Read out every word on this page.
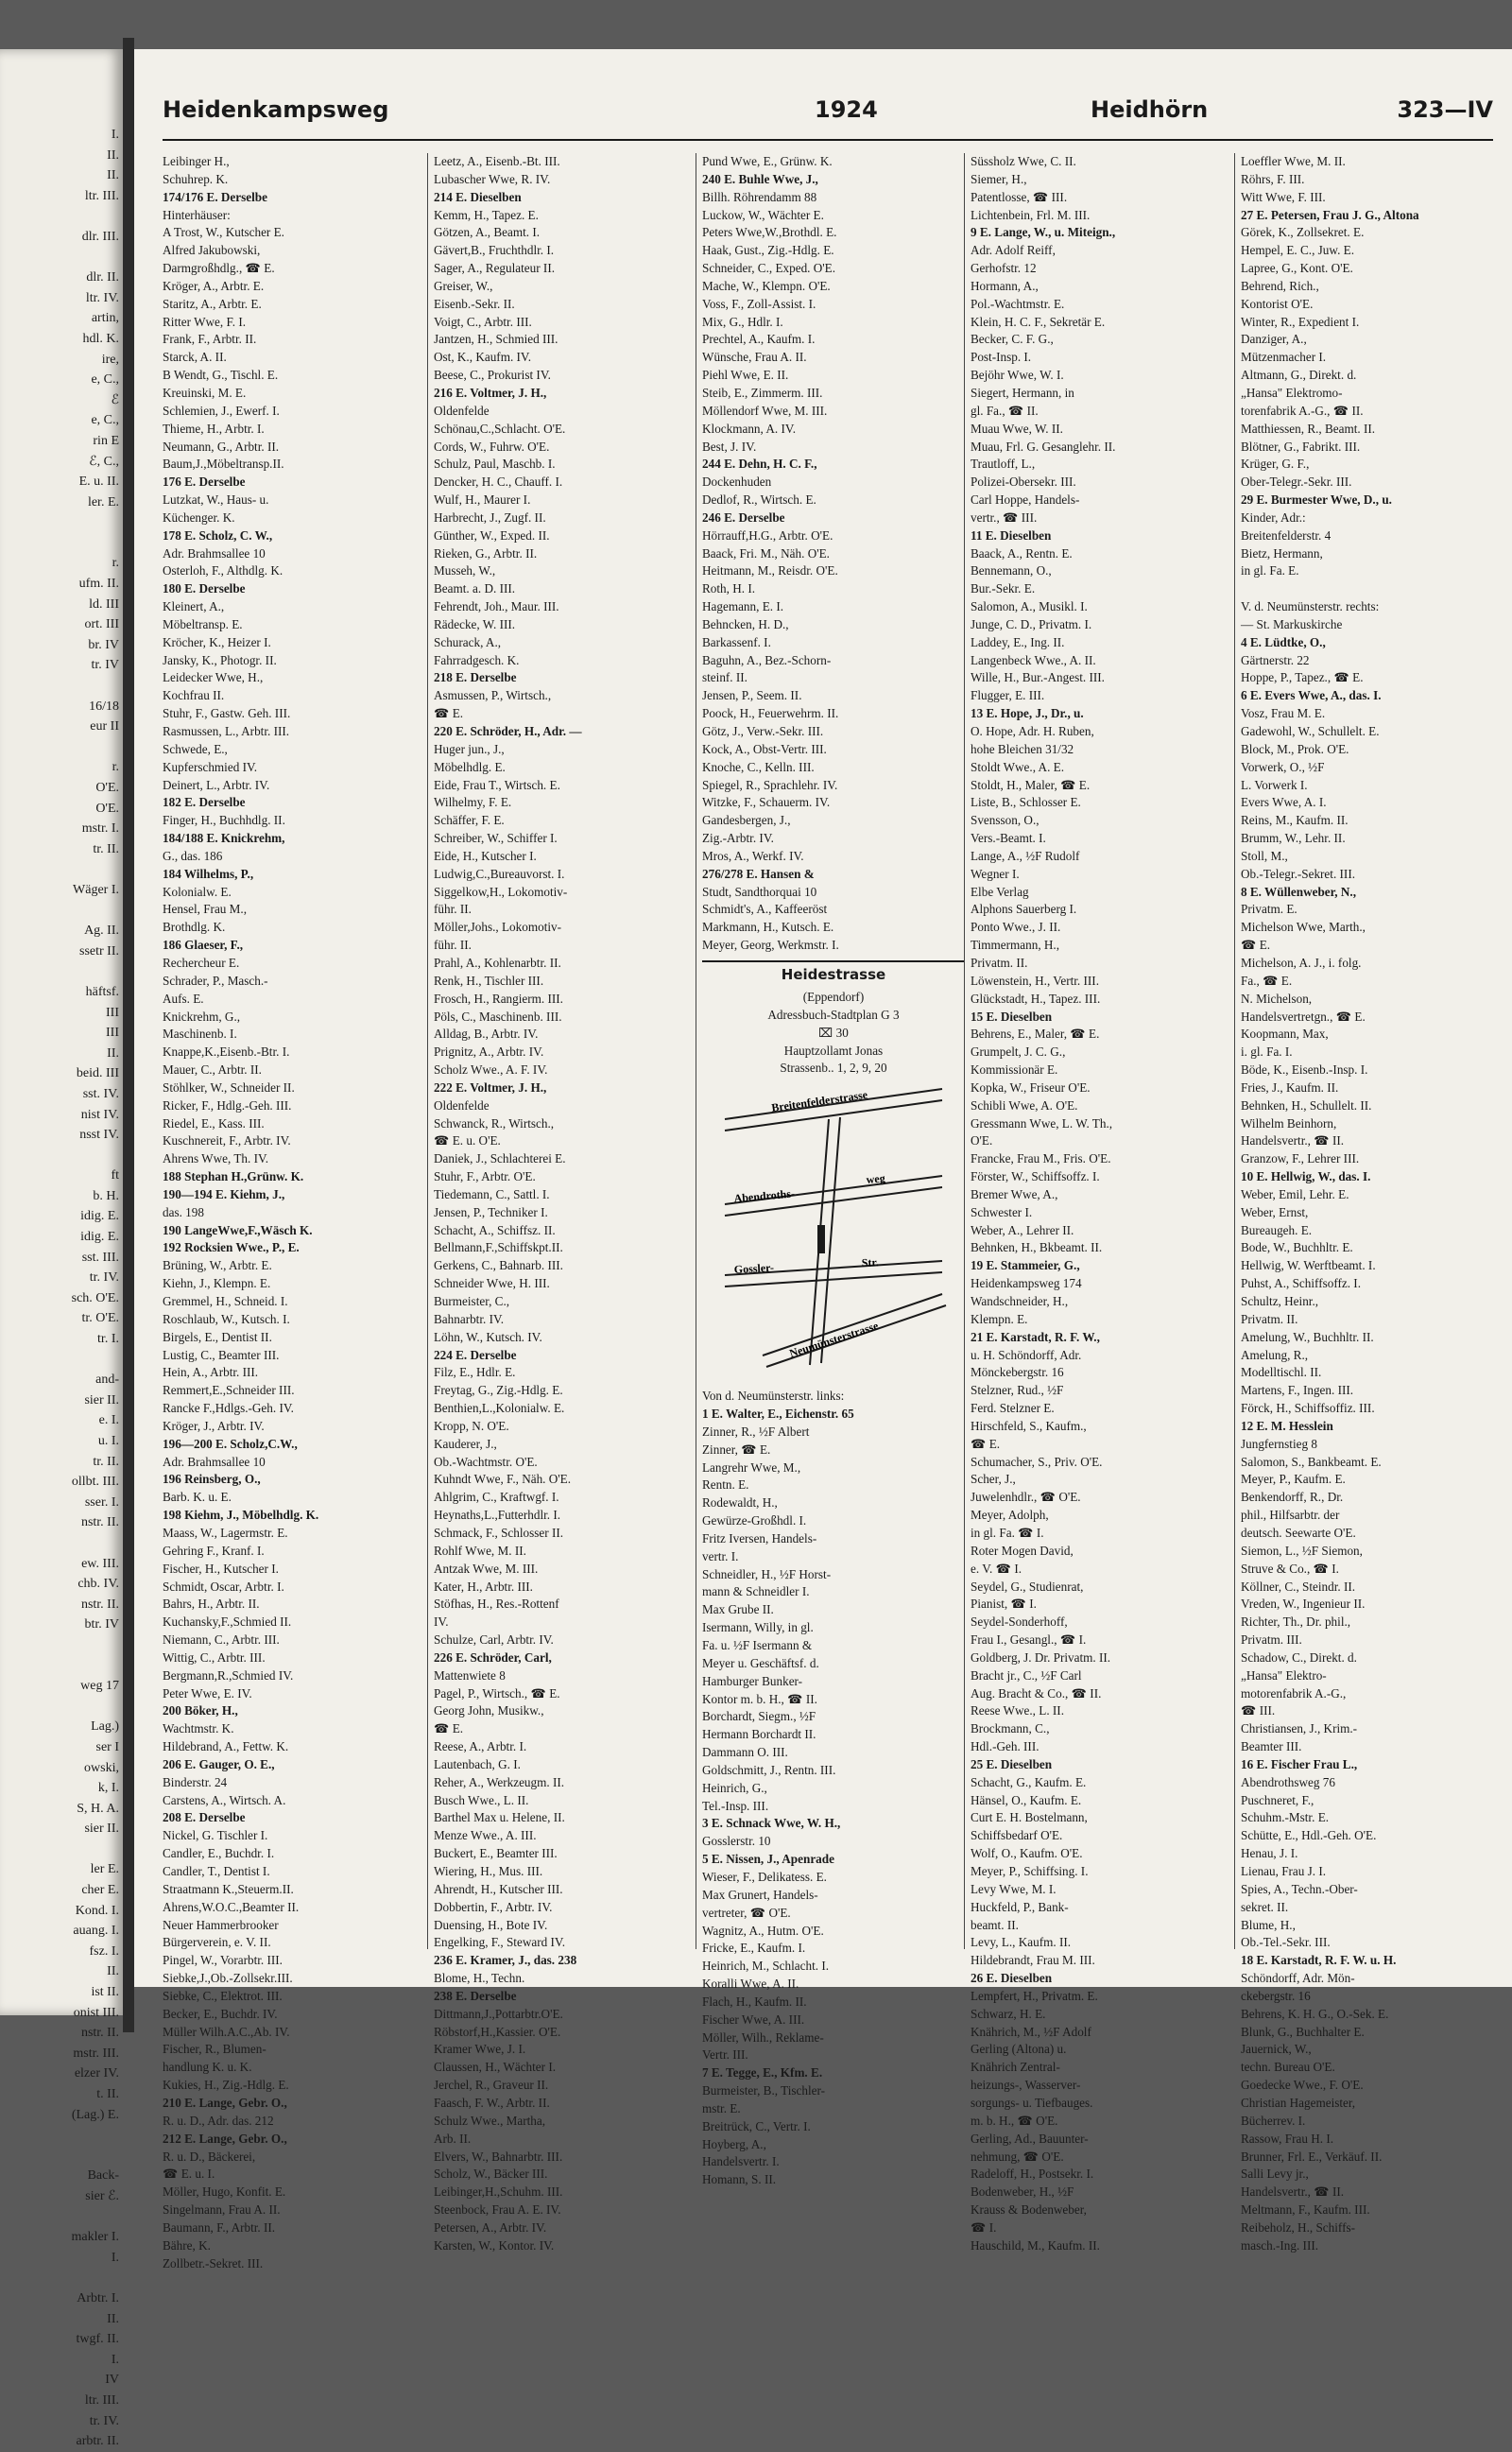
I.
II.
II.
ltr. III.
dlr. III.
dlr. II.
ltr. IV.
artin,
hdl. K.
ire,
e, C.,
ℰ
e, C.,
rin E
ℰ, C.,
E. u. II.
ler. E.
r.
ufm. II.
ld. III
ort. III
br. IV
tr. IV
16/18
eur II
r.
O'E.
O'E.
mstr. I.
tr. II.
Wäger I.
Ag. II.
ssetr II.
häftsf.
III
III
II.
beid. III
sst. IV.
nist IV.
nsst IV.
ft
b. H.
idig. E.
idig. E.
sst. III.
tr. IV.
sch. O'E.
tr. O'E.
tr. I.
and-
sier II.
e. I.
u. I.
tr. II.
ollbt. III.
sser. I.
nstr. II.
ew. III.
chb. IV.
nstr. II.
btr. IV
weg 17
Lag.)
ser I
owski,
k, I.
S, H. A.
sier II.
ler E.
cher E.
Kond. I.
auang. I.
fsz. I.
II.
ist II.
onist III.
nstr. II.
mstr. III.
elzer IV.
t. II.
(Lag.) E.
Back-
sier ℰ.
makler I.
I.
Arbtr. I.
II.
twgf. II.
I.
IV
ltr. III.
tr. IV.
arbtr. II.
Heidenkampsweg	1924	Heidhörn	323—IV
Leibinger H.,
Schuhrep. K.
174/176 E. Derselbe
Hinterhäuser:
A Trost, W., Kutscher E.
Alfred Jakubowski,
Darmgroßhdlg., ☎ E.
Kröger, A., Arbtr. E.
Staritz, A., Arbtr. E.
Ritter Wwe, F. I.
Frank, F., Arbtr. II.
Starck, A. II.
B Wendt, G., Tischl. E.
Kreuinski, M. E.
Schlemien, J., Ewerf. I.
Thieme, H., Arbtr. I.
Neumann, G., Arbtr. II.
Baum,J.,Möbeltransp.II.
176 E. Derselbe
Lutzkat, W., Haus- u.
Küchenger. K.
178 E. Scholz, C. W.,
Adr. Brahmsallee 10
Osterloh, F., Althdlg. K.
180 E. Derselbe
Kleinert, A.,
Möbeltransp. E.
Kröcher, K., Heizer I.
Jansky, K., Photogr. II.
Leidecker Wwe, H.,
Kochfrau II.
Stuhr, F., Gastw. Geh. III.
Rasmussen, L., Arbtr. III.
Schwede, E.,
Kupferschmied IV.
Deinert, L., Arbtr. IV.
182 E. Derselbe
Finger, H., Buchhdlg. II.
184/188 E. Knickrehm,
G., das. 186
184 Wilhelms, P.,
Kolonialw. E.
Hensel, Frau M.,
Brothdlg. K.
186 Glaeser, F.,
Rechercheur E.
Schrader, P., Masch.-
Aufs. E.
Knickrehm, G.,
Maschinenb. I.
Knappe,K.,Eisenb.-Btr. I.
Mauer, C., Arbtr. II.
Stöhlker, W., Schneider II.
Ricker, F., Hdlg.-Geh. III.
Riedel, E., Kass. III.
Kuschnereit, F., Arbtr. IV.
Ahrens Wwe, Th. IV.
188 Stephan H.,Grünw. K.
190—194 E. Kiehm, J.,
das. 198
190 LangeWwe,F.,Wäsch K.
192 Rocksien Wwe., P., E.
Brüning, W., Arbtr. E.
Kiehn, J., Klempn. E.
Gremmel, H., Schneid. I.
Roschlaub, W., Kutsch. I.
Birgels, E., Dentist II.
Lustig, C., Beamter III.
Hein, A., Arbtr. III.
Remmert,E.,Schneider III.
Rancke F.,Hdlgs.-Geh. IV.
Kröger, J., Arbtr. IV.
196—200 E. Scholz,C.W.,
Adr. Brahmsallee 10
196 Reinsberg, O.,
Barb. K. u. E.
198 Kiehm, J., Möbelhdlg. K.
Maass, W., Lagermstr. E.
Gehring F., Kranf. I.
Fischer, H., Kutscher I.
Schmidt, Oscar, Arbtr. I.
Bahrs, H., Arbtr. II.
Kuchansky,F.,Schmied II.
Niemann, C., Arbtr. III.
Wittig, C., Arbtr. III.
Bergmann,R.,Schmied IV.
Peter Wwe, E. IV.
200 Böker, H.,
Wachtmstr. K.
Hildebrand, A., Fettw. K.
206 E. Gauger, O. E.,
Binderstr. 24
Carstens, A., Wirtsch. A.
208 E. Derselbe
Nickel, G. Tischler I.
Candler, E., Buchdr. I.
Candler, T., Dentist I.
Straatmann K.,Steuerm.II.
Ahrens,W.O.C.,Beamter II.
Neuer Hammerbrooker
Bürgerverein, e. V. II.
Pingel, W., Vorarbtr. III.
Siebke,J.,Ob.-Zollsekr.III.
Siebke, C., Elektrot. III.
Becker, E., Buchdr. IV.
Müller Wilh.A.C.,Ab. IV.
Fischer, R., Blumen-
handlung K. u. K.
Kukies, H., Zig.-Hdlg. E.
210 E. Lange, Gebr. O.,
R. u. D., Adr. das. 212
212 E. Lange, Gebr. O.,
R. u. D., Bäckerei,
☎ E. u. I.
Möller, Hugo, Konfit. E.
Singelmann, Frau A. II.
Baumann, F., Arbtr. II.
Bähre, K.
Zollbetr.-Sekret. III.
Leetz, A., Eisenb.-Bt. III.
Lubascher Wwe, R. IV.
214 E. Dieselben
Kemm, H., Tapez. E.
Götzen, A., Beamt. I.
Gävert,B., Fruchthdlr. I.
Sager, A., Regulateur II.
Greiser, W.,
Eisenb.-Sekr. II.
Voigt, C., Arbtr. III.
Jantzen, H., Schmied III.
Ost, K., Kaufm. IV.
Beese, C., Prokurist IV.
216 E. Voltmer, J. H.,
Oldenfelde
Schönau,C.,Schlacht. O'E.
Cords, W., Fuhrw. O'E.
Schulz, Paul, Maschb. I.
Dencker, H. C., Chauff. I.
Wulf, H., Maurer I.
Harbrecht, J., Zugf. II.
Günther, W., Exped. II.
Rieken, G., Arbtr. II.
Musseh, W.,
Beamt. a. D. III.
Fehrendt, Joh., Maur. III.
Rädecke, W. III.
Schurack, A.,
Fahrradgesch. K.
218 E. Derselbe
Asmussen, P., Wirtsch.,
☎ E.
220 E. Schröder, H., Adr. —
Huger jun., J.,
Möbelhdlg. E.
Eide, Frau T., Wirtsch. E.
Wilhelmy, F. E.
Schäffer, F. E.
Schreiber, W., Schiffer I.
Eide, H., Kutscher I.
Ludwig,C.,Bureauvorst. I.
Siggelkow,H., Lokomotiv-
führ. II.
Möller,Johs., Lokomotiv-
führ. II.
Prahl, A., Kohlenarbtr. II.
Renk, H., Tischler III.
Frosch, H., Rangierm. III.
Pöls, C., Maschinenb. III.
Alldag, B., Arbtr. IV.
Prignitz, A., Arbtr. IV.
Scholz Wwe., A. F. IV.
222 E. Voltmer, J. H.,
Oldenfelde
Schwanck, R., Wirtsch.,
☎ E. u. O'E.
Daniek, J., Schlachterei E.
Stuhr, F., Arbtr. O'E.
Tiedemann, C., Sattl. I.
Jensen, P., Techniker I.
Schacht, A., Schiffsz. II.
Bellmann,F.,Schiffskpt.II.
Gerkens, C., Bahnarb. III.
Schneider Wwe, H. III.
Burmeister, C.,
Bahnarbtr. IV.
Löhn, W., Kutsch. IV.
224 E. Derselbe
Filz, E., Hdlr. E.
Freytag, G., Zig.-Hdlg. E.
Benthien,L.,Kolonialw. E.
Kropp, N. O'E.
Kauderer, J.,
Ob.-Wachtmstr. O'E.
Kuhndt Wwe, F., Näh. O'E.
Ahlgrim, C., Kraftwgf. I.
Heynaths,L.,Futterhdlr. I.
Schmack, F., Schlosser II.
Rohlf Wwe, M. II.
Antzak Wwe, M. III.
Kater, H., Arbtr. III.
Stöfhas, H., Res.-Rottenf
IV.
Schulze, Carl, Arbtr. IV.
226 E. Schröder, Carl,
Mattenwiete 8
Pagel, P., Wirtsch., ☎ E.
Georg John, Musikw.,
☎ E.
Reese, A., Arbtr. I.
Lautenbach, G. I.
Reher, A., Werkzeugm. II.
Busch Wwe., L. II.
Barthel Max u. Helene, II.
Menze Wwe., A. III.
Buckert, E., Beamter III.
Wiering, H., Mus. III.
Ahrendt, H., Kutscher III.
Dobbertin, F., Arbtr. IV.
Duensing, H., Bote IV.
Engelking, F., Steward IV.
236 E. Kramer, J., das. 238
Blome, H., Techn.
238 E. Derselbe
Dittmann,J.,Pottarbtr.O'E.
Röbstorf,H.,Kassier. O'E.
Kramer Wwe, J. I.
Claussen, H., Wächter I.
Jerchel, R., Graveur II.
Faasch, F. W., Arbtr. II.
Schulz Wwe., Martha,
Arb. II.
Elvers, W., Bahnarbtr. III.
Scholz, W., Bäcker III.
Leibinger,H.,Schuhm. III.
Steenbock, Frau A. E. IV.
Petersen, A., Arbtr. IV.
Karsten, W., Kontor. IV.
Pund Wwe, E., Grünw. K.
240 E. Buhle Wwe, J.,
Billh. Röhrendamm 88
Luckow, W., Wächter E.
Peters Wwe,W.,Brothdl. E.
Haak, Gust., Zig.-Hdlg. E.
Schneider, C., Exped. O'E.
Mache, W., Klempn. O'E.
Voss, F., Zoll-Assist. I.
Mix, G., Hdlr. I.
Prechtel, A., Kaufm. I.
Wünsche, Frau A. II.
Piehl Wwe, E. II.
Steib, E., Zimmerm. III.
Möllendorf Wwe, M. III.
Klockmann, A. IV.
Best, J. IV.
244 E. Dehn, H. C. F.,
Dockenhuden
Dedlof, R., Wirtsch. E.
246 E. Derselbe
Hörrauff,H.G., Arbtr. O'E.
Baack, Fri. M., Näh. O'E.
Heitmann, M., Reisdr. O'E.
Roth, H. I.
Hagemann, E. I.
Behncken, H. D.,
Barkassenf. I.
Baguhn, A., Bez.-Schorn-
steinf. II.
Jensen, P., Seem. II.
Poock, H., Feuerwehrm. II.
Götz, J., Verw.-Sekr. III.
Kock, A., Obst-Vertr. III.
Knoche, C., Kelln. III.
Spiegel, R., Sprachlehr. IV.
Witzke, F., Schauerm. IV.
Gandesbergen, J.,
Zig.-Arbtr. IV.
Mros, A., Werkf. IV.
276/278 E. Hansen &
Studt, Sandthorquai 10
Schmidt's, A., Kaffeeröst
Markmann, H., Kutsch. E.
Meyer, Georg, Werkmstr. I.
Heidestrasse
(Eppendorf)
Adressbuch-Stadtplan G 3
⌧ 30
Hauptzollamt Jonas
Strassenb.. 1, 2, 9, 20
Breitenfelderstrasse
Abendroths-
weg
Gossler-	Str.
Neumünsterstrasse
Von d. Neumünsterstr. links:
1 E. Walter, E., Eichenstr. 65
Zinner, R., ½F Albert
Zinner, ☎ E.
Langrehr Wwe, M.,
Rentn. E.
Rodewaldt, H.,
Gewürze-Großhdl. I.
Fritz Iversen, Handels-
vertr. I.
Schneidler, H., ½F Horst-
mann & Schneidler I.
Max Grube II.
Isermann, Willy, in gl.
Fa. u. ½F Isermann &
Meyer u. Geschäftsf. d.
Hamburger Bunker-
Kontor m. b. H., ☎ II.
Borchardt, Siegm., ½F
Hermann Borchardt II.
Dammann O. III.
Goldschmitt, J., Rentn. III.
Heinrich, G.,
Tel.-Insp. III.
3 E. Schnack Wwe, W. H.,
Gosslerstr. 10
5 E. Nissen, J., Apenrade
Wieser, F., Delikatess. E.
Max Grunert, Handels-
vertreter, ☎ O'E.
Wagnitz, A., Hutm. O'E.
Fricke, E., Kaufm. I.
Heinrich, M., Schlacht. I.
Koralli Wwe, A. II.
Flach, H., Kaufm. II.
Fischer Wwe, A. III.
Möller, Wilh., Reklame-
Vertr. III.
7 E. Tegge, E., Kfm. E.
Burmeister, B., Tischler-
mstr. E.
Breitrück, C., Vertr. I.
Hoyberg, A.,
Handelsvertr. I.
Homann, S. II.
Süssholz Wwe, C. II.
Siemer, H.,
Patentlosse, ☎ III.
Lichtenbein, Frl. M. III.
9 E. Lange, W., u. Miteign.,
Adr. Adolf Reiff,
Gerhofstr. 12
Hormann, A.,
Pol.-Wachtmstr. E.
Klein, H. C. F., Sekretär E.
Becker, C. F. G.,
Post-Insp. I.
Bejöhr Wwe, W. I.
Siegert, Hermann, in
gl. Fa., ☎ II.
Muau Wwe, W. II.
Muau, Frl. G. Gesanglehr. II.
Trautloff, L.,
Polizei-Obersekr. III.
Carl Hoppe, Handels-
vertr., ☎ III.
11 E. Dieselben
Baack, A., Rentn. E.
Bennemann, O.,
Bur.-Sekr. E.
Salomon, A., Musikl. I.
Junge, C. D., Privatm. I.
Laddey, E., Ing. II.
Langenbeck Wwe., A. II.
Wille, H., Bur.-Angest. III.
Flugger, E. III.
13 E. Hope, J., Dr., u.
O. Hope, Adr. H. Ruben,
hohe Bleichen 31/32
Stoldt Wwe., A. E.
Stoldt, H., Maler, ☎ E.
Liste, B., Schlosser E.
Svensson, O.,
Vers.-Beamt. I.
Lange, A., ½F Rudolf
Wegner I.
Elbe Verlag
Alphons Sauerberg I.
Ponto Wwe., J. II.
Timmermann, H.,
Privatm. II.
Löwenstein, H., Vertr. III.
Glückstadt, H., Tapez. III.
15 E. Dieselben
Behrens, E., Maler, ☎ E.
Grumpelt, J. C. G.,
Kommissionär E.
Kopka, W., Friseur O'E.
Schibli Wwe, A. O'E.
Gressmann Wwe, L. W. Th.,
O'E.
Francke, Frau M., Fris. O'E.
Förster, W., Schiffsoffz. I.
Bremer Wwe, A.,
Schwester I.
Weber, A., Lehrer II.
Behnken, H., Bkbeamt. II.
19 E. Stammeier, G.,
Heidenkampsweg 174
Wandschneider, H.,
Klempn. E.
21 E. Karstadt, R. F. W.,
u. H. Schöndorff, Adr.
Mönckebergstr. 16
Stelzner, Rud., ½F
Ferd. Stelzner E.
Hirschfeld, S., Kaufm.,
☎ E.
Schumacher, S., Priv. O'E.
Scher, J.,
Juwelenhdlr., ☎ O'E.
Meyer, Adolph,
in gl. Fa. ☎ I.
Roter Mogen David,
e. V. ☎ I.
Seydel, G., Studienrat,
Pianist, ☎ I.
Seydel-Sonderhoff,
Frau I., Gesangl., ☎ I.
Goldberg, J. Dr. Privatm. II.
Bracht jr., C., ½F Carl
Aug. Bracht & Co., ☎ II.
Reese Wwe., L. II.
Brockmann, C.,
Hdl.-Geh. III.
25 E. Dieselben
Schacht, G., Kaufm. E.
Hänsel, O., Kaufm. E.
Curt E. H. Bostelmann,
Schiffsbedarf O'E.
Wolf, O., Kaufm. O'E.
Meyer, P., Schiffsing. I.
Levy Wwe, M. I.
Huckfeld, P., Bank-
beamt. II.
Levy, L., Kaufm. II.
Hildebrandt, Frau M. III.
26 E. Dieselben
Lempfert, H., Privatm. E.
Schwarz, H. E.
Knährich, M., ½F Adolf
Gerling (Altona) u.
Knährich Zentral-
heizungs-, Wasserver-
sorgungs- u. Tiefbauges.
m. b. H., ☎ O'E.
Gerling, Ad., Bauunter-
nehmung, ☎ O'E.
Radeloff, H., Postsekr. I.
Bodenweber, H., ½F
Krauss & Bodenweber,
☎ I.
Hauschild, M., Kaufm. II.
Loeffler Wwe, M. II.
Röhrs, F. III.
Witt Wwe, F. III.
27 E. Petersen, Frau J. G., Altona
Görek, K., Zollsekret. E.
Hempel, E. C., Juw. E.
Lapree, G., Kont. O'E.
Behrend, Rich.,
Kontorist O'E.
Winter, R., Expedient I.
Danziger, A.,
Mützenmacher I.
Altmann, G., Direkt. d.
„Hansa" Elektromo-
torenfabrik A.-G., ☎ II.
Matthiessen, R., Beamt. II.
Blötner, G., Fabrikt. III.
Krüger, G. F.,
Ober-Telegr.-Sekr. III.
29 E. Burmester Wwe, D., u.
Kinder, Adr.:
Breitenfelderstr. 4
Bietz, Hermann,
in gl. Fa. E.
V. d. Neumünsterstr. rechts:
— St. Markuskirche
4 E. Lüdtke, O.,
Gärtnerstr. 22
Hoppe, P., Tapez., ☎ E.
6 E. Evers Wwe, A., das. I.
Vosz, Frau M. E.
Gadewohl, W., Schullelt. E.
Block, M., Prok. O'E.
Vorwerk, O., ½F
L. Vorwerk I.
Evers Wwe, A. I.
Reins, M., Kaufm. II.
Brumm, W., Lehr. II.
Stoll, M.,
Ob.-Telegr.-Sekret. III.
8 E. Wüllenweber, N.,
Privatm. E.
Michelson Wwe, Marth.,
☎ E.
Michelson, A. J., i. folg.
Fa., ☎ E.
N. Michelson,
Handelsvertretgn., ☎ E.
Koopmann, Max,
i. gl. Fa. I.
Böde, K., Eisenb.-Insp. I.
Fries, J., Kaufm. II.
Behnken, H., Schullelt. II.
Wilhelm Beinhorn,
Handelsvertr., ☎ II.
Granzow, F., Lehrer III.
10 E. Hellwig, W., das. I.
Weber, Emil, Lehr. E.
Weber, Ernst,
Bureaugeh. E.
Bode, W., Buchhltr. E.
Hellwig, W. Werftbeamt. I.
Puhst, A., Schiffsoffz. I.
Schultz, Heinr.,
Privatm. II.
Amelung, W., Buchhltr. II.
Amelung, R.,
Modelltischl. II.
Martens, F., Ingen. III.
Förck, H., Schiffsoffiz. III.
12 E. M. Hesslein
Jungfernstieg 8
Salomon, S., Bankbeamt. E.
Meyer, P., Kaufm. E.
Benkendorff, R., Dr.
phil., Hilfsarbtr. der
deutsch. Seewarte O'E.
Siemon, L., ½F Siemon,
Struve & Co., ☎ I.
Köllner, C., Steindr. II.
Vreden, W., Ingenieur II.
Richter, Th., Dr. phil.,
Privatm. III.
Schadow, C., Direkt. d.
„Hansa" Elektro-
motorenfabrik A.-G.,
☎ III.
Christiansen, J., Krim.-
Beamter III.
16 E. Fischer Frau L.,
Abendrothsweg 76
Puschneret, F.,
Schuhm.-Mstr. E.
Schütte, E., Hdl.-Geh. O'E.
Henau, J. I.
Lienau, Frau J. I.
Spies, A., Techn.-Ober-
sekret. II.
Blume, H.,
Ob.-Tel.-Sekr. III.
18 E. Karstadt, R. F. W. u. H.
Schöndorff, Adr. Mön-
ckebergstr. 16
Behrens, K. H. G., O.-Sek. E.
Blunk, G., Buchhalter E.
Jauernick, W.,
techn. Bureau O'E.
Goedecke Wwe., F. O'E.
Christian Hagemeister,
Bücherrev. I.
Rassow, Frau H. I.
Brunner, Frl. E., Verkäuf. II.
Salli Levy jr.,
Handelsvertr., ☎ II.
Meltmann, F., Kaufm. III.
Reibeholz, H., Schiffs-
masch.-Ing. III.
